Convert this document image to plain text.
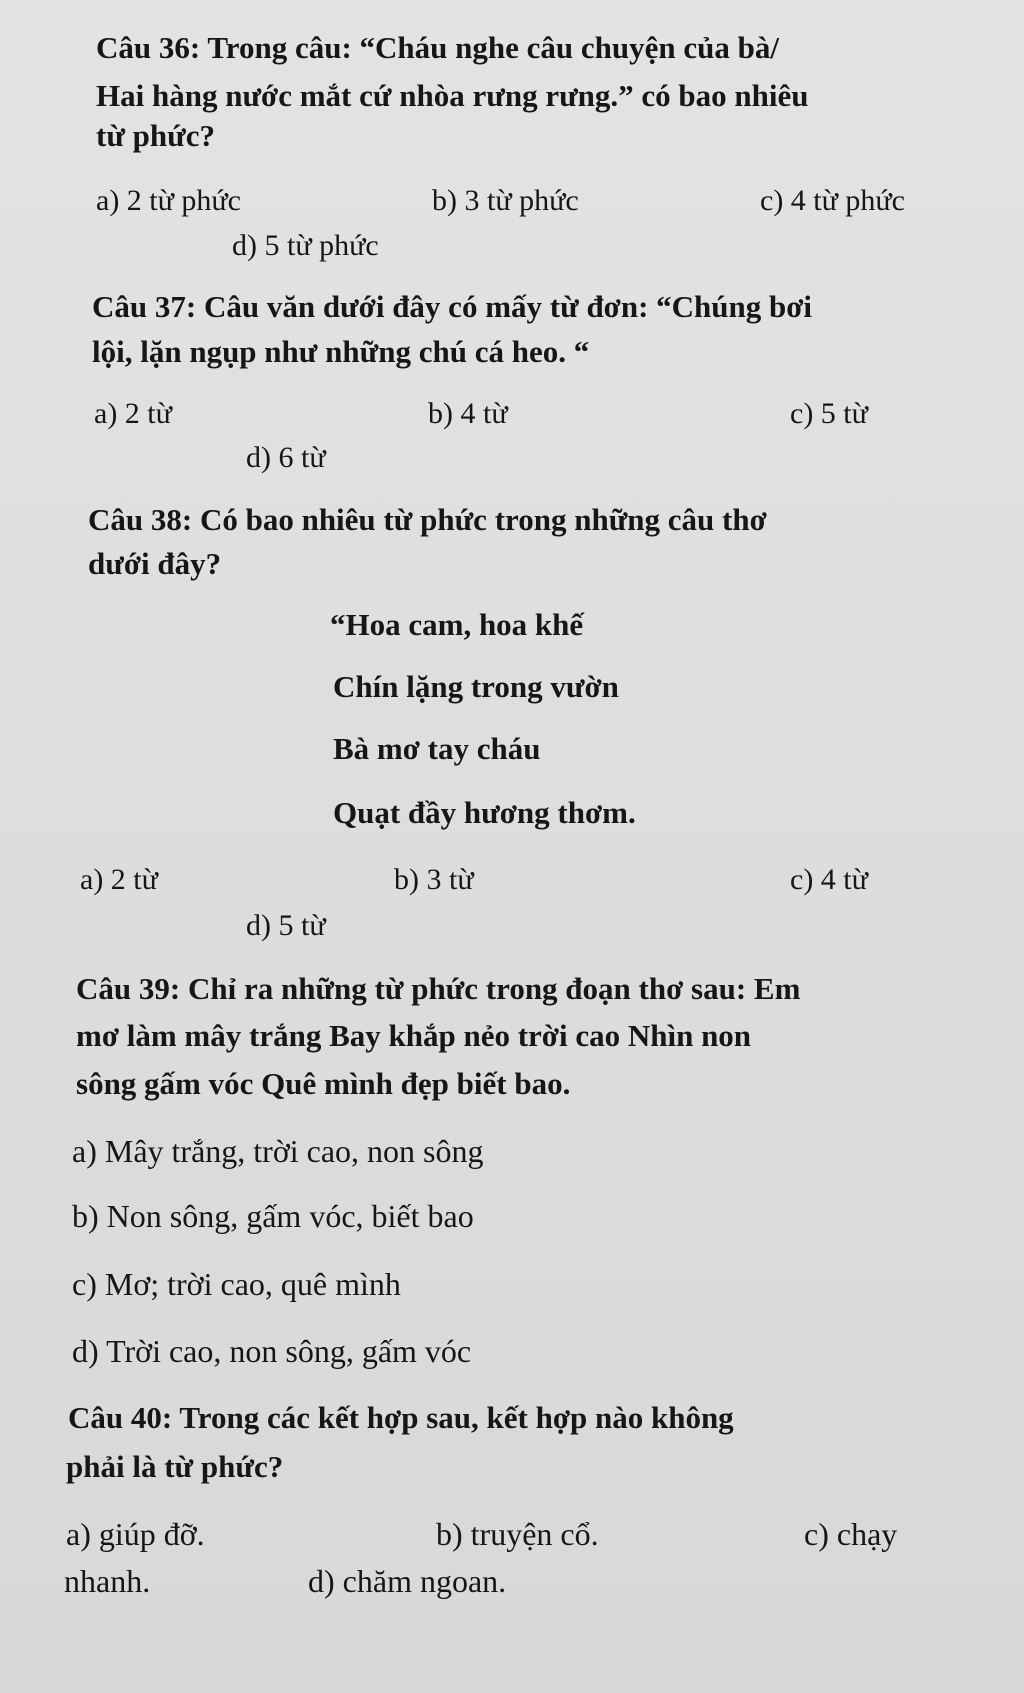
Câu 36: Trong câu: “Cháu nghe câu chuyện của bà/
Hai hàng nước mắt cứ nhòa rưng rưng.” có bao nhiêu
từ phức?
a) 2 từ phức	b) 3 từ phức	c) 4 từ phức
d) 5 từ phức
Câu 37: Câu văn dưới đây có mấy từ đơn: “Chúng bơi
lội, lặn ngụp như những chú cá heo. “
a) 2 từ	b) 4 từ	c) 5 từ
d) 6 từ
Câu 38: Có bao nhiêu từ phức trong những câu thơ
dưới đây?
“Hoa cam, hoa khế
Chín lặng trong vườn
Bà mơ tay cháu
Quạt đầy hương thơm.
a) 2 từ	b) 3 từ	c) 4 từ
d) 5 từ
Câu 39: Chỉ ra những từ phức trong đoạn thơ sau: Em
mơ làm mây trắng Bay khắp nẻo trời cao Nhìn non
sông gấm vóc Quê mình đẹp biết bao.
a) Mây trắng, trời cao, non sông
b) Non sông, gấm vóc, biết bao
c) Mơ; trời cao, quê mình
d) Trời cao, non sông, gấm vóc
Câu 40: Trong các kết hợp sau, kết hợp nào không
phải là từ phức?
a) giúp đỡ.	b) truyện cổ.	c) chạy
nhanh.	d) chăm ngoan.
